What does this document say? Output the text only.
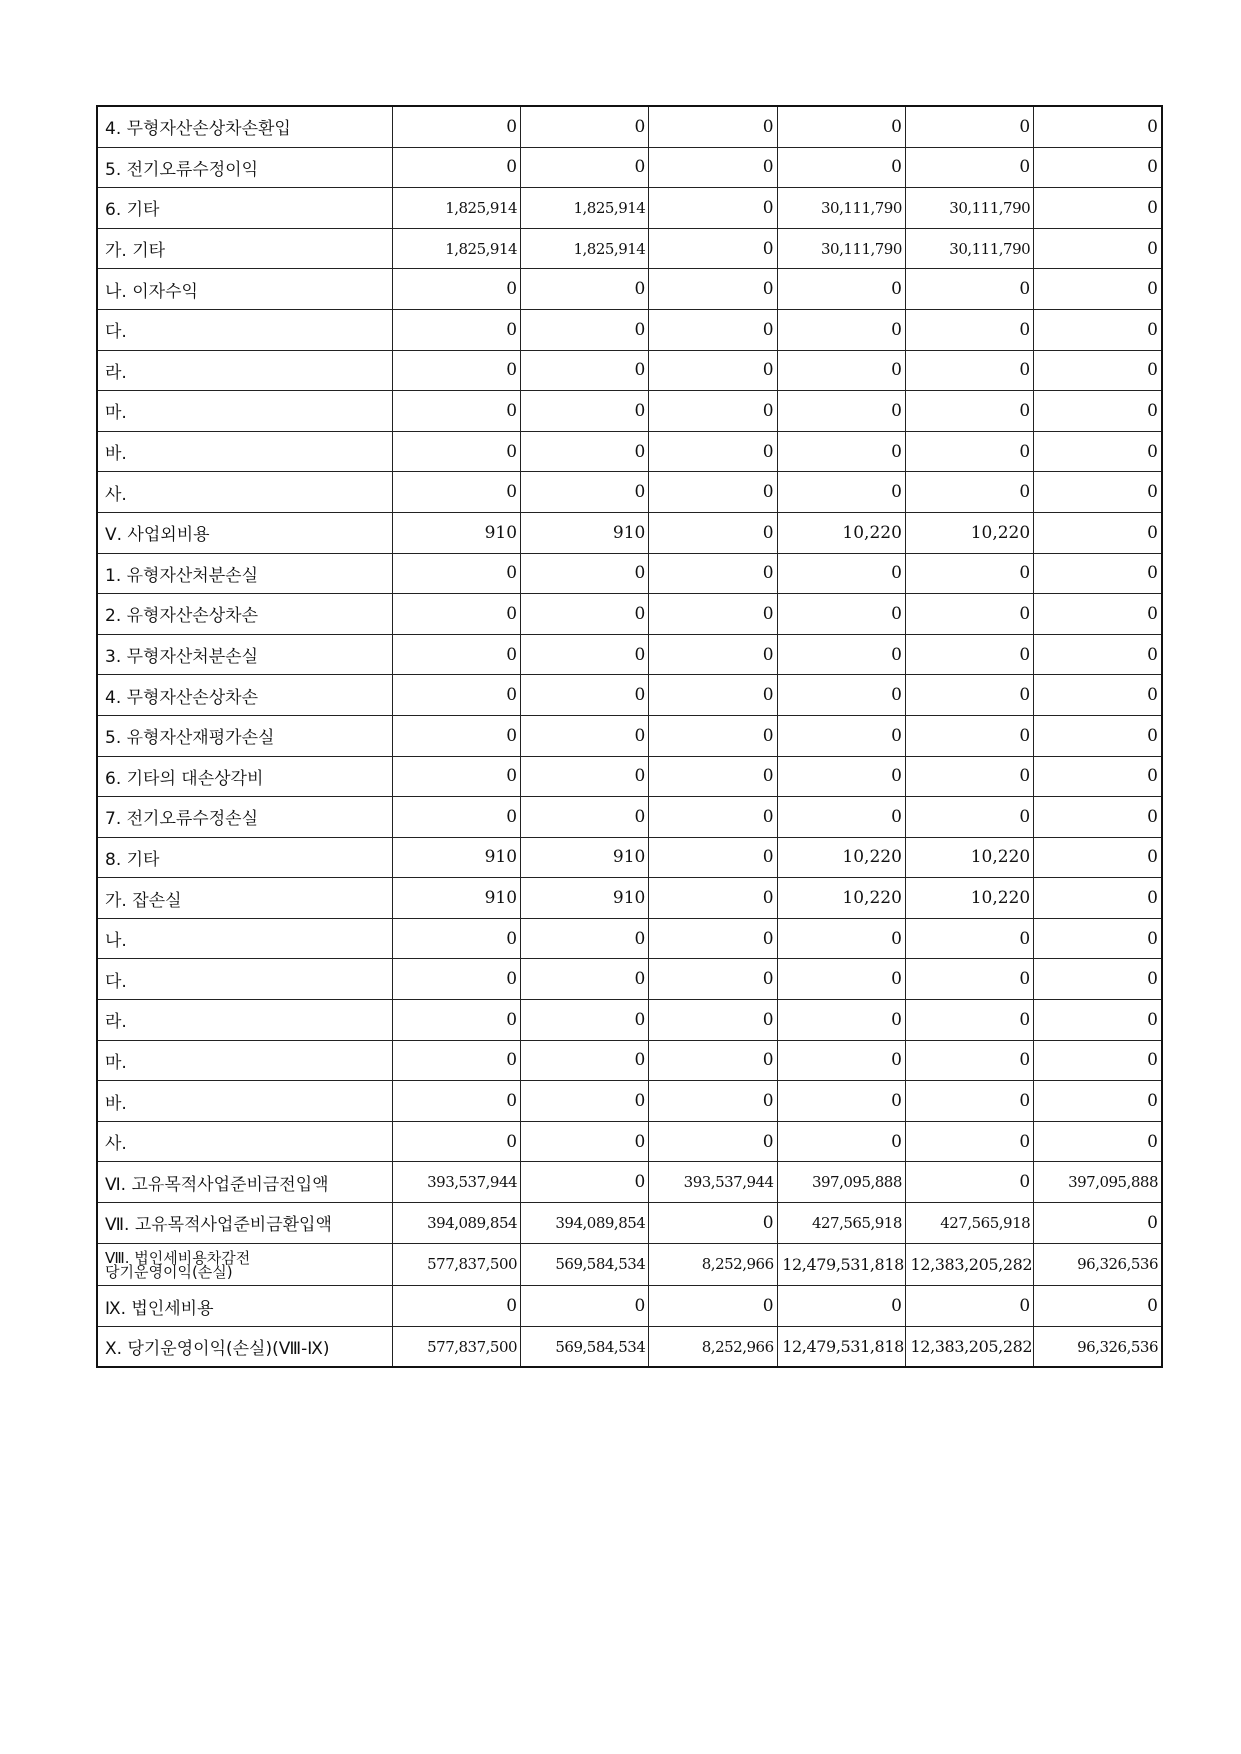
4. 무형자산손상차손환입	0	0	0	0	0	0
5. 전기오류수정이익	0	0	0	0	0	0
6. 기타	1,825,914	1,825,914	0	30,111,790	30,111,790	0
가. 기타	1,825,914	1,825,914	0	30,111,790	30,111,790	0
나. 이자수익	0	0	0	0	0	0
다.	0	0	0	0	0	0
라.	0	0	0	0	0	0
마.	0	0	0	0	0	0
바.	0	0	0	0	0	0
사.	0	0	0	0	0	0
Ⅴ. 사업외비용	910	910	0	10,220	10,220	0
1. 유형자산처분손실	0	0	0	0	0	0
2. 유형자산손상차손	0	0	0	0	0	0
3. 무형자산처분손실	0	0	0	0	0	0
4. 무형자산손상차손	0	0	0	0	0	0
5. 유형자산재평가손실	0	0	0	0	0	0
6. 기타의 대손상각비	0	0	0	0	0	0
7. 전기오류수정손실	0	0	0	0	0	0
8. 기타	910	910	0	10,220	10,220	0
가. 잡손실	910	910	0	10,220	10,220	0
나.	0	0	0	0	0	0
다.	0	0	0	0	0	0
라.	0	0	0	0	0	0
마.	0	0	0	0	0	0
바.	0	0	0	0	0	0
사.	0	0	0	0	0	0
Ⅵ. 고유목적사업준비금전입액	393,537,944	0	393,537,944	397,095,888	0	397,095,888
Ⅶ. 고유목적사업준비금환입액	394,089,854	394,089,854	0	427,565,918	427,565,918	0

Ⅷ. 법인세비용차감전
당기운영이익(손실)	577,837,500	569,584,534	8,252,966	12,479,531,818	12,383,205,282	96,326,536
Ⅸ. 법인세비용	0	0	0	0	0	0
Ⅹ. 당기운영이익(손실)(Ⅷ-Ⅸ)	577,837,500	569,584,534	8,252,966	12,479,531,818	12,383,205,282	96,326,536
